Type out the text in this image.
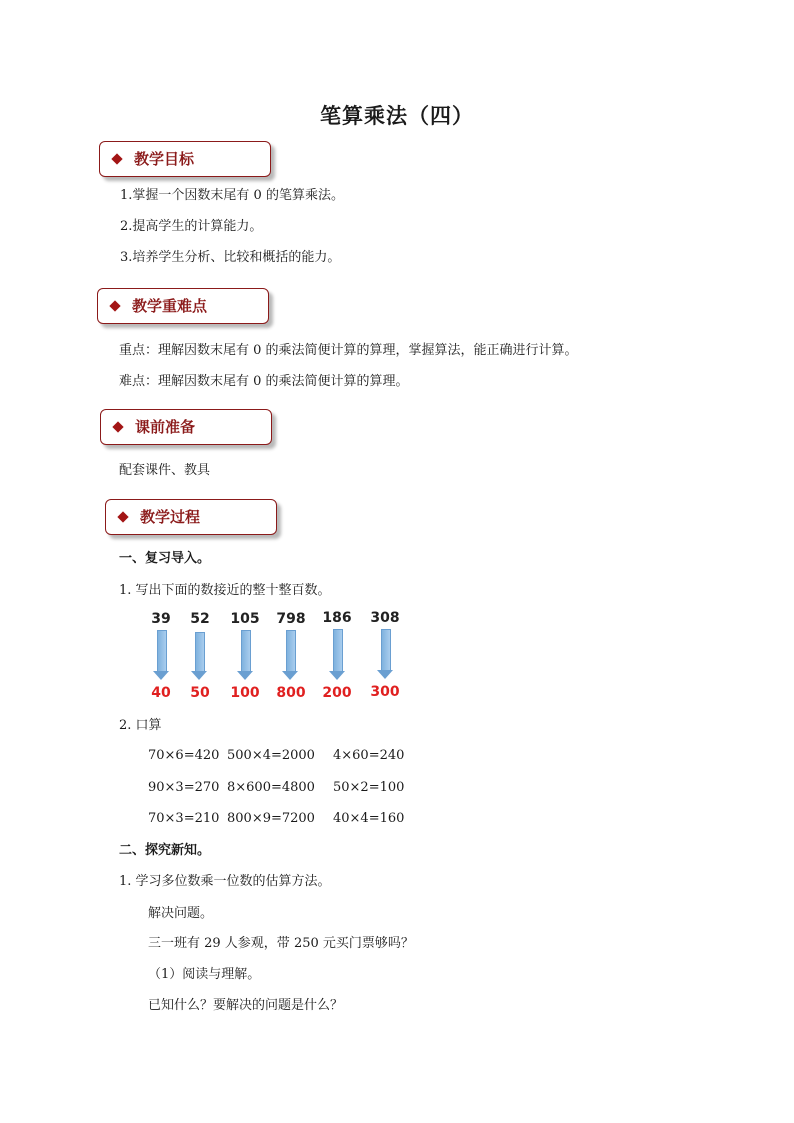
笔算乘法（四）
教学目标
1.掌握一个因数末尾有 0 的笔算乘法。
2.提高学生的计算能力。
3.培养学生分析、比较和概括的能力。
教学重难点
重点：理解因数末尾有 0 的乘法简便计算的算理，掌握算法，能正确进行计算。
难点：理解因数末尾有 0 的乘法简便计算的算理。
课前准备
配套课件、教具
教学过程
一、复习导入。
1. 写出下面的数接近的整十整百数。
39	52	105	798	186	308
40	50	100	800	200	300
2. 口算
70×6=420 500×4=2000 4×60=240
90×3=270 8×600=4800 50×2=100
70×3=210 800×9=7200 40×4=160
二、探究新知。
1. 学习多位数乘一位数的估算方法。
解决问题。
三一班有 29 人参观，带 250 元买门票够吗？
（1）阅读与理解。
已知什么？要解决的问题是什么？
